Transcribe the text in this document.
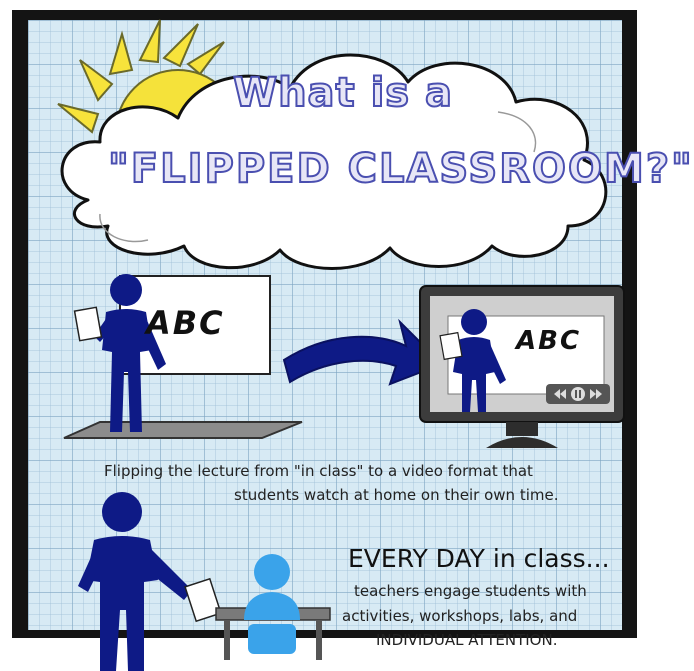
What is a

"FLIPPED CLASSROOM?"

ABC	ABC

Flipping the lecture from "in class" to a video format that

students watch at home on their own time.

EVERY DAY in class...

teachers engage students with

activities, workshops, labs, and

INDIVIDUAL ATTENTION.
